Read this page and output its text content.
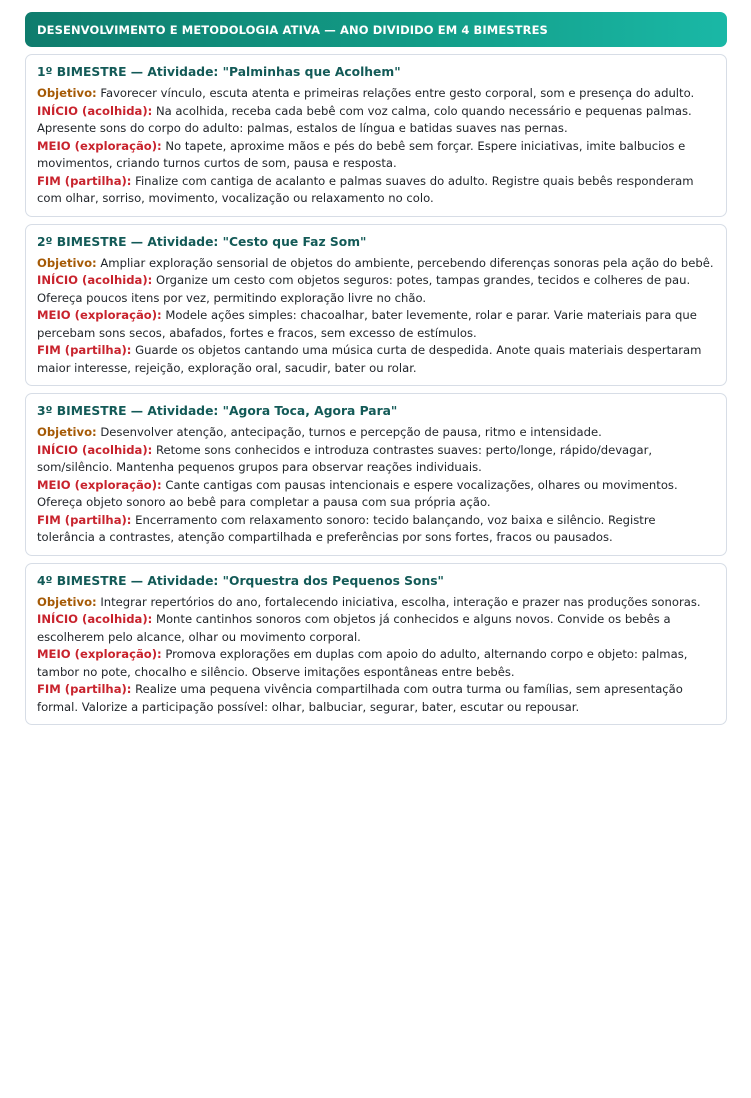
DESENVOLVIMENTO E METODOLOGIA ATIVA — ANO DIVIDIDO EM 4 BIMESTRES
1º BIMESTRE — Atividade: "Palminhas que Acolhem"

Objetivo: Favorecer vínculo, escuta atenta e primeiras relações entre gesto corporal, som e presença do adulto.

INÍCIO (acolhida): Na acolhida, receba cada bebê com voz calma, colo quando necessário e pequenas palmas. Apresente sons do corpo do adulto: palmas, estalos de língua e batidas suaves nas pernas.

MEIO (exploração): No tapete, aproxime mãos e pés do bebê sem forçar. Espere iniciativas, imite balbucios e movimentos, criando turnos curtos de som, pausa e resposta.

FIM (partilha): Finalize com cantiga de acalanto e palmas suaves do adulto. Registre quais bebês responderam com olhar, sorriso, movimento, vocalização ou relaxamento no colo.

2º BIMESTRE — Atividade: "Cesto que Faz Som"

Objetivo: Ampliar exploração sensorial de objetos do ambiente, percebendo diferenças sonoras pela ação do bebê.

INÍCIO (acolhida): Organize um cesto com objetos seguros: potes, tampas grandes, tecidos e colheres de pau. Ofereça poucos itens por vez, permitindo exploração livre no chão.

MEIO (exploração): Modele ações simples: chacoalhar, bater levemente, rolar e parar. Varie materiais para que percebam sons secos, abafados, fortes e fracos, sem excesso de estímulos.

FIM (partilha): Guarde os objetos cantando uma música curta de despedida. Anote quais materiais despertaram maior interesse, rejeição, exploração oral, sacudir, bater ou rolar.

3º BIMESTRE — Atividade: "Agora Toca, Agora Para"

Objetivo: Desenvolver atenção, antecipação, turnos e percepção de pausa, ritmo e intensidade.

INÍCIO (acolhida): Retome sons conhecidos e introduza contrastes suaves: perto/longe, rápido/devagar, som/silêncio. Mantenha pequenos grupos para observar reações individuais.

MEIO (exploração): Cante cantigas com pausas intencionais e espere vocalizações, olhares ou movimentos. Ofereça objeto sonoro ao bebê para completar a pausa com sua própria ação.

FIM (partilha): Encerramento com relaxamento sonoro: tecido balançando, voz baixa e silêncio. Registre tolerância a contrastes, atenção compartilhada e preferências por sons fortes, fracos ou pausados.

4º BIMESTRE — Atividade: "Orquestra dos Pequenos Sons"

Objetivo: Integrar repertórios do ano, fortalecendo iniciativa, escolha, interação e prazer nas produções sonoras.

INÍCIO (acolhida): Monte cantinhos sonoros com objetos já conhecidos e alguns novos. Convide os bebês a escolherem pelo alcance, olhar ou movimento corporal.

MEIO (exploração): Promova explorações em duplas com apoio do adulto, alternando corpo e objeto: palmas, tambor no pote, chocalho e silêncio. Observe imitações espontâneas entre bebês.

FIM (partilha): Realize uma pequena vivência compartilhada com outra turma ou famílias, sem apresentação formal. Valorize a participação possível: olhar, balbuciar, segurar, bater, escutar ou repousar.
